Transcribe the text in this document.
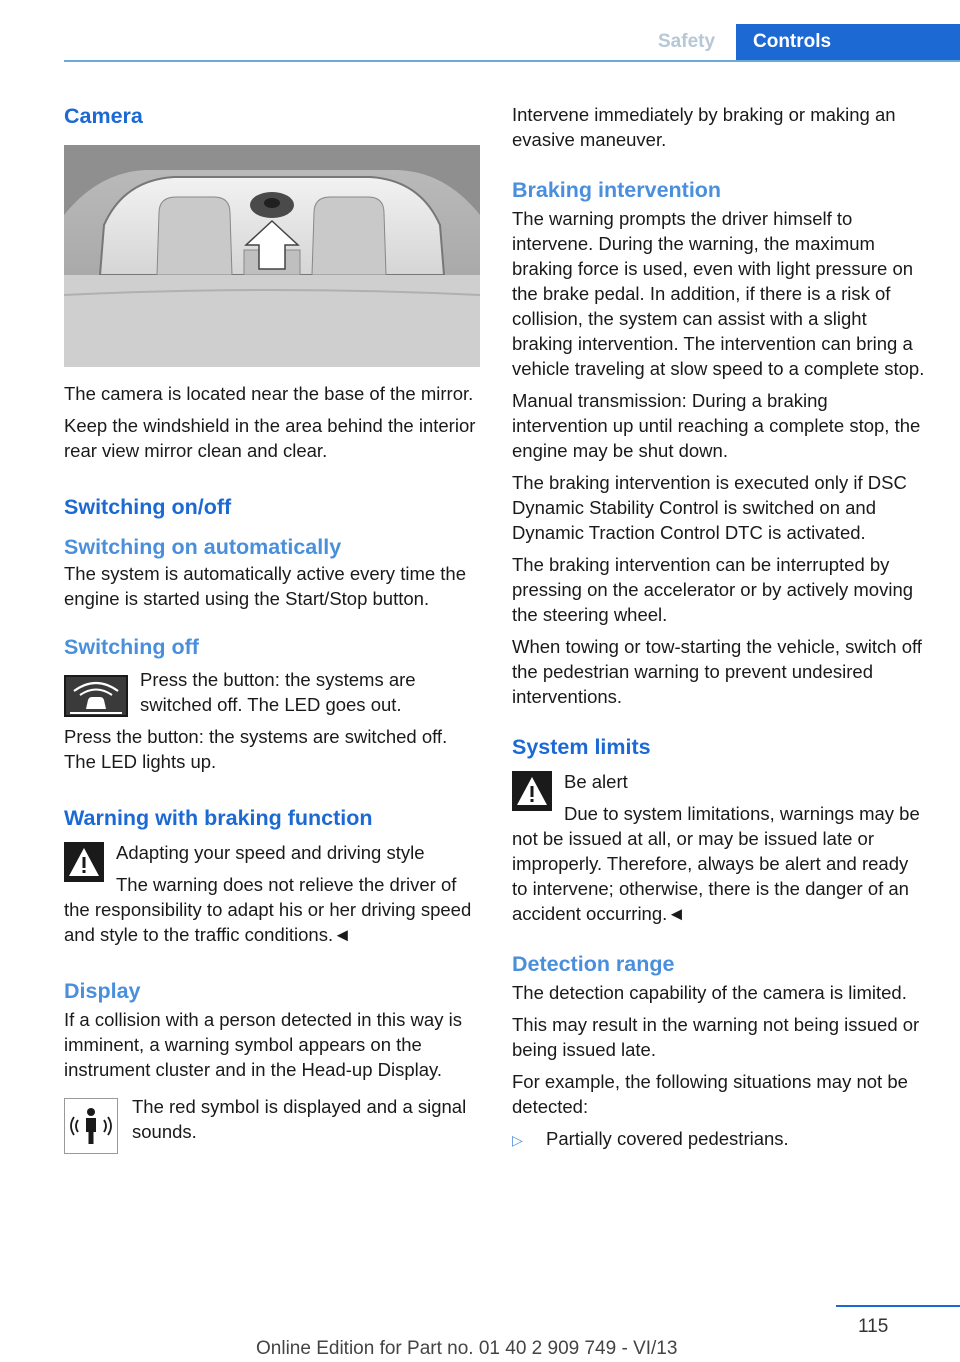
Safety	Controls
Camera

The camera is located near the base of the mirror.

Keep the windshield in the area behind the interior rear view mirror clean and clear.

Switching on/off
Switching on automatically

The system is automatically active every time the engine is started using the Start/Stop button.

Switching off

Press the button: the systems are switched off. The LED goes out.

Press the button: the systems are switched off. The LED lights up.

Warning with braking function

Adapting your speed and driving style

The warning does not relieve the driver of the responsibility to adapt his or her driving speed and style to the traffic conditions.◄

Display

If a collision with a person detected in this way is imminent, a warning symbol appears on the instrument cluster and in the Head-up Display.

The red symbol is displayed and a signal sounds.

Intervene immediately by braking or making an evasive maneuver.

Braking intervention

The warning prompts the driver himself to intervene. During the warning, the maximum braking force is used, even with light pressure on the brake pedal. In addition, if there is a risk of collision, the system can assist with a slight braking intervention. The intervention can bring a vehicle traveling at slow speed to a complete stop.

Manual transmission: During a braking intervention up until reaching a complete stop, the engine may be shut down.

The braking intervention is executed only if DSC Dynamic Stability Control is switched on and Dynamic Traction Control DTC is activated.

The braking intervention can be interrupted by pressing on the accelerator or by actively moving the steering wheel.

When towing or tow-starting the vehicle, switch off the pedestrian warning to prevent undesired interventions.

System limits

Be alert

Due to system limitations, warnings may be not be issued at all, or may be issued late or improperly. Therefore, always be alert and ready to intervene; otherwise, there is the danger of an accident occurring.◄

Detection range

The detection capability of the camera is limited.

This may result in the warning not being issued or being issued late.

For example, the following situations may not be detected:

▷	Partially covered pedestrians.
115
Online Edition for Part no. 01 40 2 909 749 - VI/13
